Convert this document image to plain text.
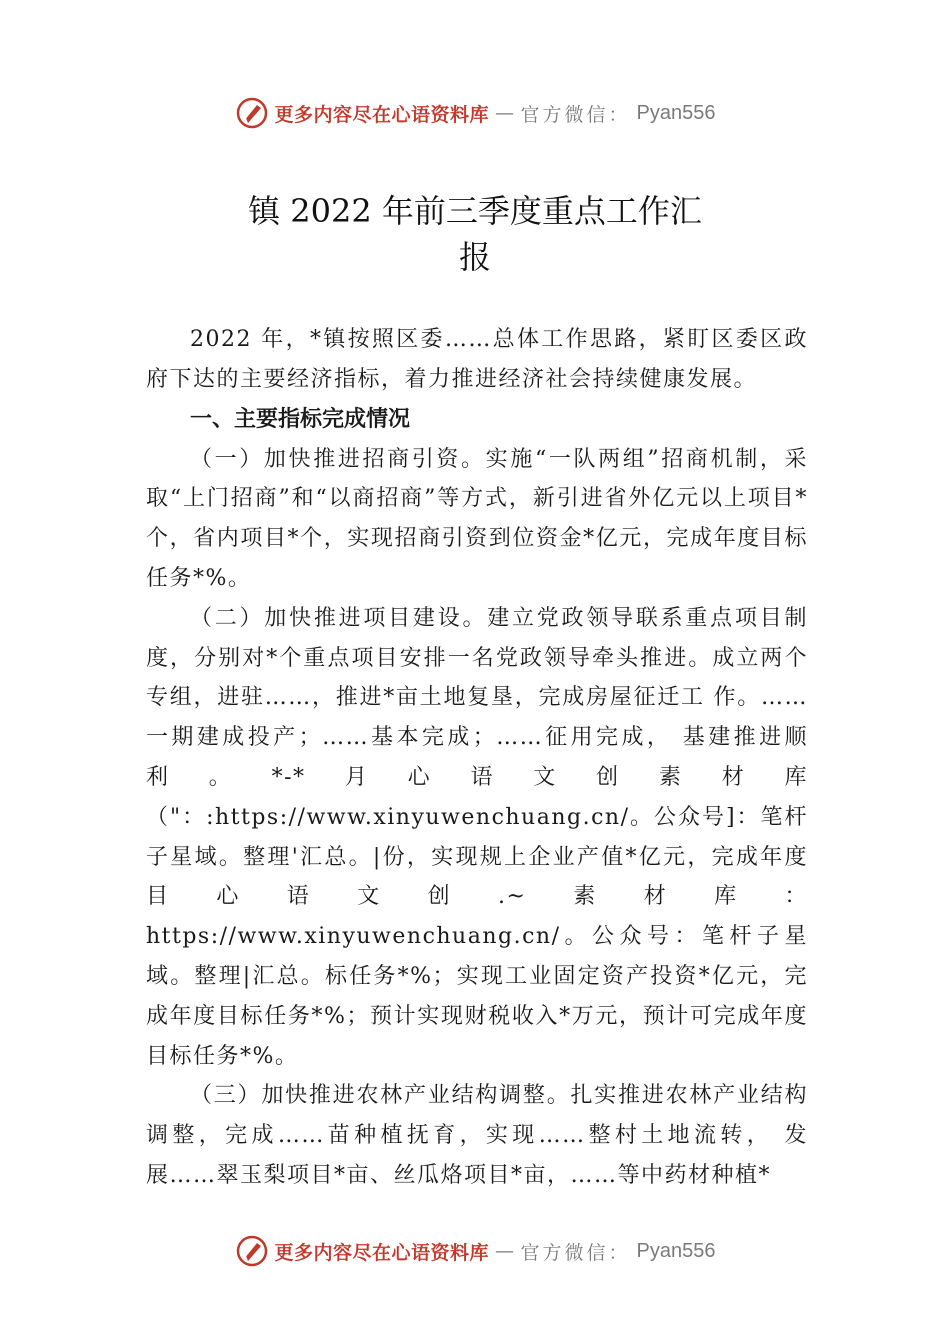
更多内容尽在心语资料库 — 官方微信： Pyan556
镇 2022 年前三季度重点工作汇
报

2022 年，*镇按照区委……总体工作思路，紧盯区委区政府下达的主要经济指标，着力推进经济社会持续健康发展。

一、主要指标完成情况

（一）加快推进招商引资。实施“一队两组”招商机制，采取“上门招商”和“以商招商”等方式，新引进省外亿元以上项目*个，省内项目*个，实现招商引资到位资金*亿元，完成年度目标任务*%。

（二）加快推进项目建设。建立党政领导联系重点项目制度，分别对*个重点项目安排一名党政领导牵头推进。成立两个专组，进驻……，推进*亩土地复垦，完成房屋征迁工 作。……一期建成投产；……基本完成；……征用完成， 基建推进顺利。*-*月心语文创素材库（"：:https://www.xinyuwenchuang.cn/。公众号]：笔杆子星域。整理'汇总。|份，实现规上企业产值*亿元，完成年度目心语文创.~素材库：https://www.xinyuwenchuang.cn/。公众号：笔杆子星域。整理|汇总。标任务*%；实现工业固定资产投资*亿元，完成年度目标任务*%；预计实现财税收入*万元，预计可完成年度目标任务*%。

（三）加快推进农林产业结构调整。扎实推进农林产业结构调整，完成……苗种植抚育，实现……整村土地流转， 发展……翠玉梨项目*亩、丝瓜烙项目*亩，……等中药材种植*

更多内容尽在心语资料库 — 官方微信： Pyan556
